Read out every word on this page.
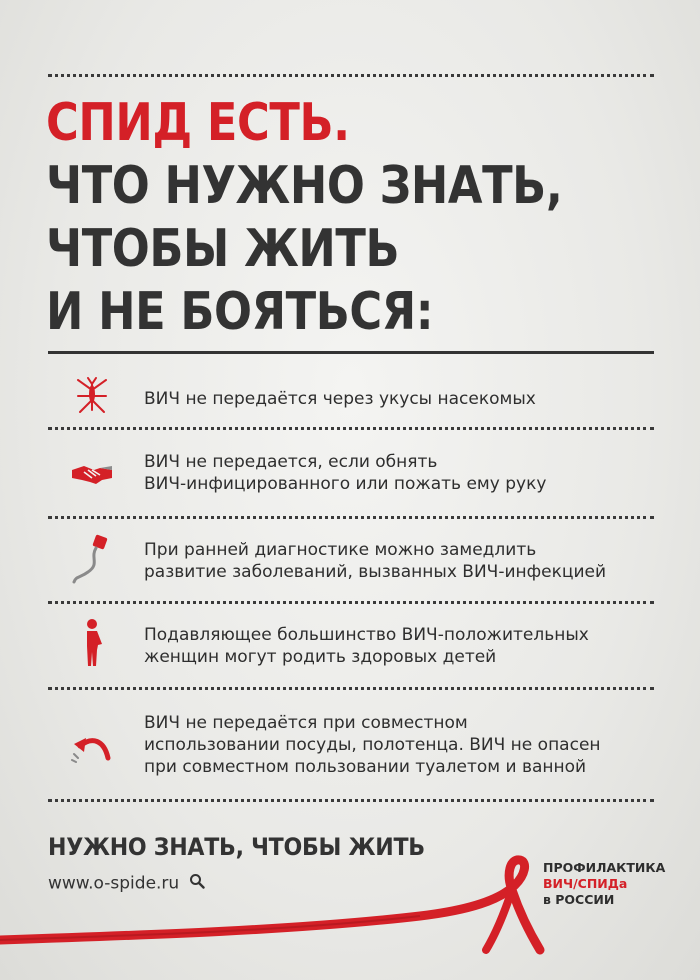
СПИД ЕСТЬ.
ЧТО НУЖНО ЗНАТЬ,
ЧТОБЫ ЖИТЬ
И НЕ БОЯТЬСЯ:
ВИЧ не передаётся через укусы насекомых
ВИЧ не передается, если обнять
ВИЧ-инфицированного или пожать ему руку
При ранней диагностике можно замедлить
развитие заболеваний, вызванных ВИЧ-инфекцией
Подавляющее большинство ВИЧ-положительных
женщин могут родить здоровых детей
ВИЧ не передаётся при совместном
использовании посуды, полотенца. ВИЧ не опасен
при совместном пользовании туалетом и ванной
НУЖНО ЗНАТЬ, ЧТОБЫ ЖИТЬ
www.o-spide.ru
ПРОФИЛАКТИКА
ВИЧ/СПИДа
в РОССИИ
